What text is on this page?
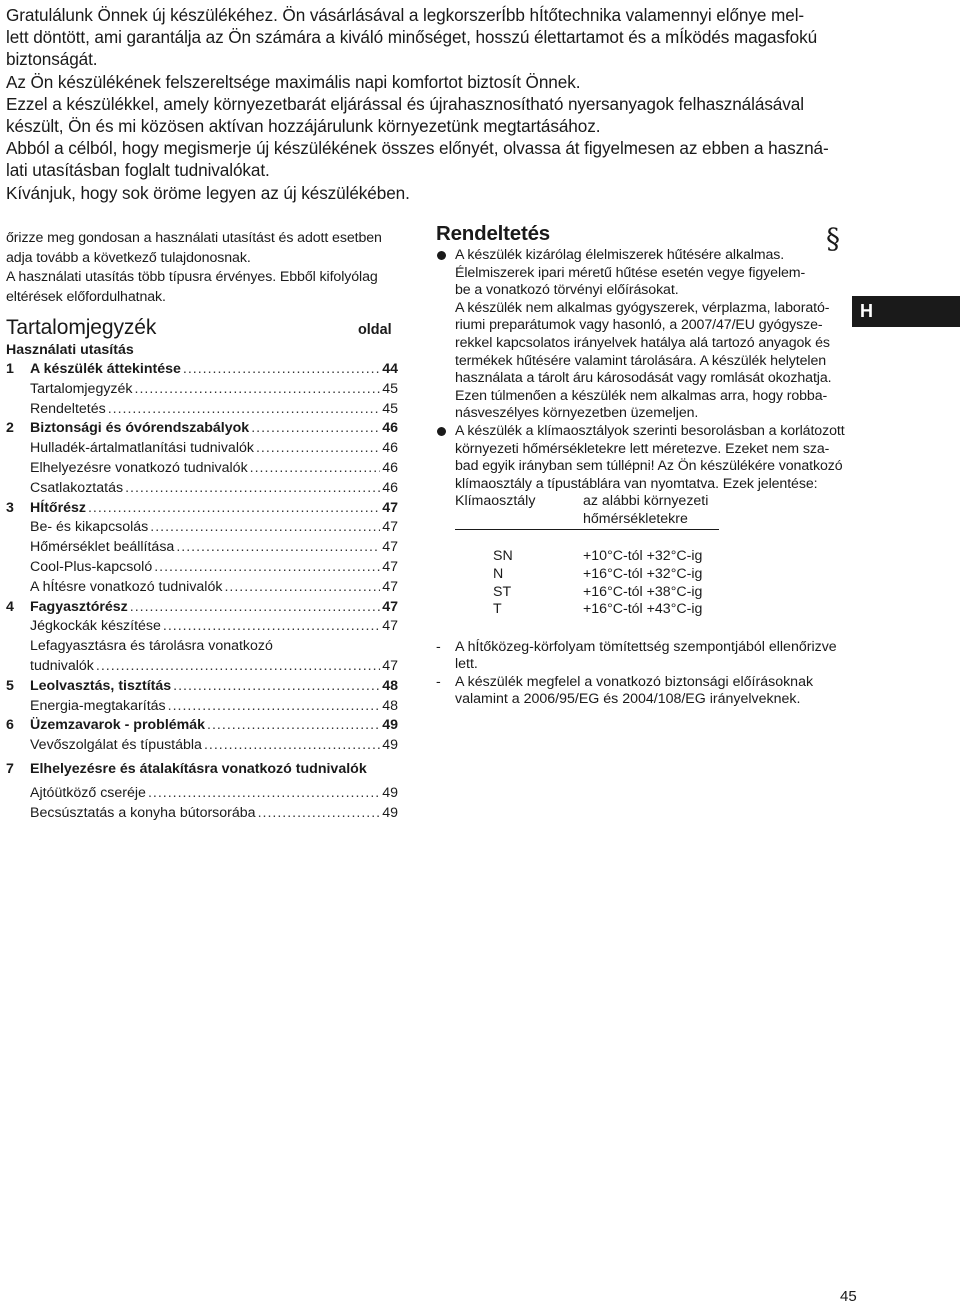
Gratulálunk Önnek új készülékéhez. Ön vásárlásával a legkorszerÍbb hÍtőtechnika valamennyi előnye mel-

lett döntött, ami garantálja az Ön számára a kiváló minőséget, hosszú élettartamot és a mÍködés magasfokú

biztonságát.

Az Ön készülékének felszereltsége maximális napi komfortot biztosít Önnek.

Ezzel a készülékkel, amely környezetbarát eljárással és újrahasznosítható nyersanyagok felhasználásával

készült, Ön és mi közösen aktívan hozzájárulunk környezetünk megtartásához.

Abból a célból, hogy megismerje új készülékének összes előnyét, olvassa át figyelmesen az ebben a haszná-

lati utasításban foglalt tudnivalókat.

Kívánjuk, hogy sok öröme legyen az új készülékében.

őrizze meg gondosan a használati utasítást és adott esetben

adja tovább a következő tulajdonosnak.

A használati utasítás több típusra érvényes. Ebből kifolyólag

eltérések előfordulhatnak.

Tartalomjegyzék	oldal
Használati utasítás
1	A készülék áttekintése .....	44
Tartalomjegyzék .....	45
Rendeltetés .....	45
2	Biztonsági és óvórendszabályok .....	46
Hulladék-ártalmatlanítási tudnivalók .....	46
Elhelyezésre vonatkozó tudnivalók .....	46
Csatlakoztatás .....	46
3	HÍtőrész .....	47
Be- és kikapcsolás .....	47
Hőmérséklet beállítása .....	47
Cool-Plus-kapcsoló .....	47
A hÍtésre vonatkozó tudnivalók .....	47
4	Fagyasztórész .....	47
Jégkockák készítése .....	47
Lefagyasztásra és tárolásra vonatkozó
tudnivalók .....	47
5	Leolvasztás, tisztítás .....	48
Energia-megtakarítás .....	48
6	Üzemzavarok - problémák .....	49
Vevőszolgálat és típustábla .....	49
7	Elhelyezésre és átalakításra vonatkozó tudnivalók
Ajtóütköző cseréje .....	49
Becsúsztatás a konyha bútorsorába .....	49
Rendeltetés

A készülék kizárólag élelmiszerek hűtésére alkalmas.

Élelmiszerek ipari méretű hűtése esetén vegye figyelem-

be a vonatkozó törvényi előírásokat.

A készülék nem alkalmas gyógyszerek, vérplazma, laborató-

riumi preparátumok vagy hasonló, a 2007/47/EU gyógysze-

rekkel kapcsolatos irányelvek hatálya alá tartozó anyagok és

termékek hűtésére valamint tárolására. A készülék helytelen

használata a tárolt áru károsodását vagy romlását okozhatja.

Ezen túlmenően a készülék nem alkalmas arra, hogy robba-

násveszélyes környezetben üzemeljen.

A készülék a klímaosztályok szerinti besorolásban a korlátozott

környezeti hőmérsékletekre lett méretezve. Ezeket nem sza-

bad egyik irányban sem túllépni! Az Ön készülékére vonatkozó

klímaosztály a típustáblára van nyomtatva. Ezek jelentése:

Klímaosztály	az alábbi környezeti
hőmérsékletekre
SN	+10°C-tól +32°C-ig
N	+16°C-tól +32°C-ig
ST	+16°C-tól +38°C-ig
T	+16°C-tól +43°C-ig
- A hÍtőközeg-körfolyam tömítettség szempontjából ellenőrizve

lett.

- A készülék megfelel a vonatkozó biztonsági előírásoknak

valamint a 2006/95/EG és 2004/108/EG irányelveknek.

§
H
45
